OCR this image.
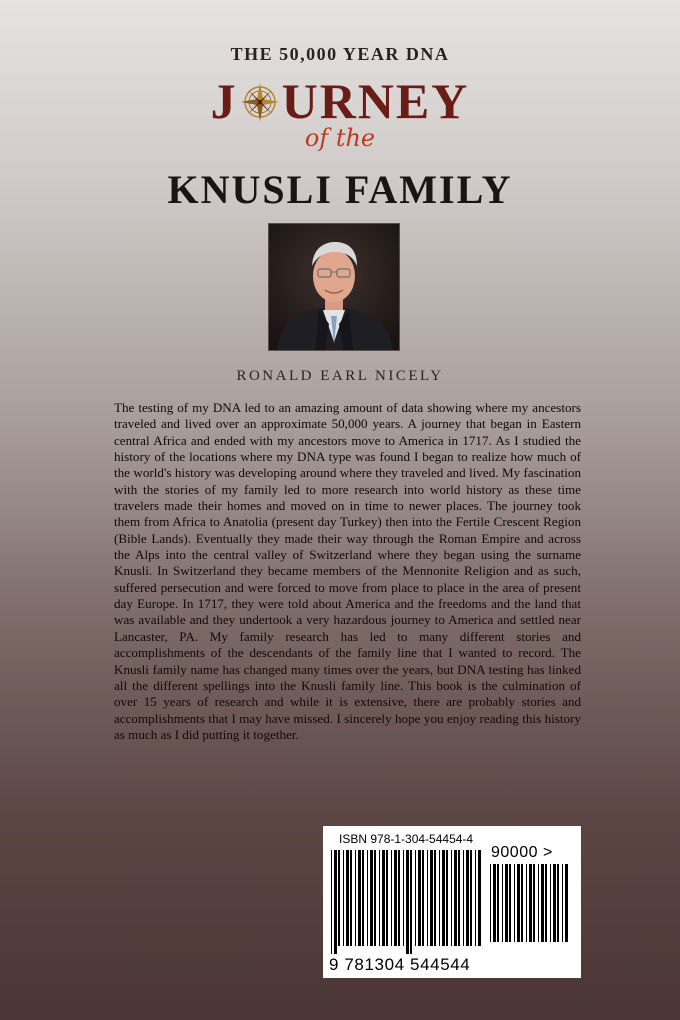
THE 50,000 YEAR DNA
J URNEY
of the
KNUSLI FAMILY
RONALD EARL NICELY

The testing of my DNA led to an amazing amount of data showing where my ancestors traveled and lived over an approximate 50,000 years. A journey that began in Eastern central Africa and ended with my ancestors move to America in 1717. As I studied the history of the locations where my DNA type was found I began to realize how much of the world's history was developing around where they traveled and lived. My fascination with the stories of my family led to more research into world history as these time travelers made their homes and moved on in time to newer places. The journey took them from Africa to Anatolia (present day Turkey) then into the Fertile Crescent Region (Bible Lands). Eventually they made their way through the Roman Empire and across the Alps into the central valley of Switzerland where they began using the surname Knusli. In Switzerland they became members of the Mennonite Religion and as such, suffered persecution and were forced to move from place to place in the area of present day Europe. In 1717, they were told about America and the freedoms and the land that was available and they undertook a very hazardous journey to America and settled near Lancaster, PA. My family research has led to many different stories and accomplishments of the descendants of the family line that I wanted to record. The Knusli family name has changed many times over the years, but DNA testing has linked all the different spellings into the Knusli family line. This book is the culmination of over 15 years of research and while it is extensive, there are probably stories and accomplishments that I may have missed. I sincerely hope you enjoy reading this history as much as I did putting it together.

ISBN 978-1-304-54454-4
90000 >
9 781304 544544
